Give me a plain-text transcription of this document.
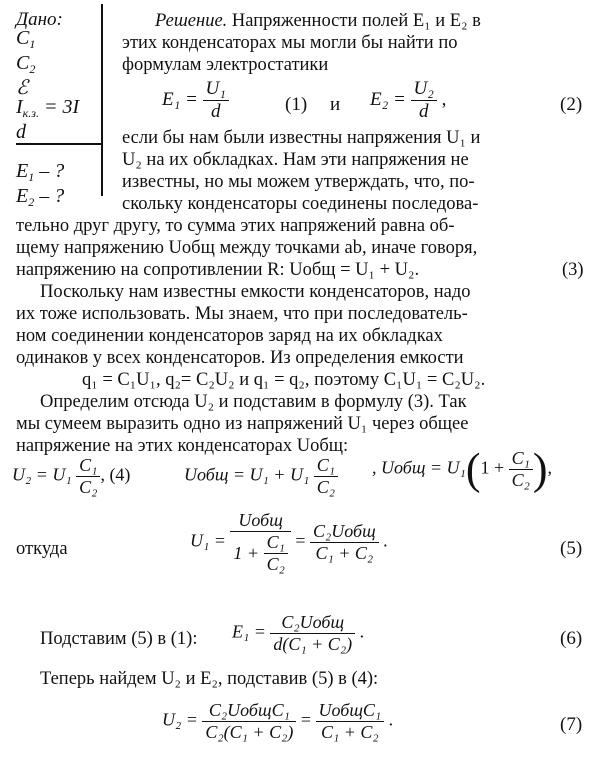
Дано:
$C_1$
$C_2$
ℰ
$I_{к.з.} = 3I$
d
$E_1$ – ?
$E_2$ – ?
Решение. Напряженности полей E₁ и E₂ в
этих конденсаторах мы могли бы найти по
формулам электростатики
$E_1 = \frac{\text{U₁}}{d}$	(1) и $E_2 = \frac{\text{U₂}}{d}$ ,	(2)
если бы нам были известны напряжения U₁ и
U₂ на их обкладках. Нам эти напряжения не
известны, но мы можем утверждать, что, по-
скольку конденсаторы соединены последова-
тельно друг другу, то сумма этих напряжений равна об-
щему напряжению Uобщ между точками ab, иначе говоря,
напряжению на сопротивлении R: Uобщ = U₁ + U₂.	(3)
Поскольку нам известны емкости конденсаторов, надо
их тоже использовать. Мы знаем, что при последователь-
ном соединении конденсаторов заряд на их обкладках
одинаков у всех конденсаторов. Из определения емкости
q₁ = C₁U₁, q₂= C₂U₂ и q₁ = q₂, поэтому C₁U₁ = C₂U₂.
Определим отсюда U₂ и подставим в формулу (3). Так
мы сумеем выразить одно из напряжений U₁ через общее
напряжение на этих конденсаторах Uобщ:
$U_2 = U_1 \frac{\text{C₁}}{\text{C₂}}$ , (4)	Uобщ = $U_1 + U_1 \frac{\text{C₁}}{\text{C₂}}$ , Uобщ = $U_1(1 + \frac{\text{C₁}}{\text{C₂}}$ ),
откуда	$U_1 = \frac{\text{Uобщ}}{1 + \frac{\text{C₁}}{\text{C₂}}} = \frac{\text{C₂Uобщ}}{\text{C₁ + C₂}}$ .	(5)
Подставим (5) в (1): $E_1 = \frac{\text{C₂Uобщ}}{\text{d(C₁ + C₂)}}$ .	(6)
Теперь найдем U₂ и E₂, подставив (5) в (4):
$U_2 = \frac{\text{C₂UобщC₁}}{\text{C₂(C₁ + C₂)}} = \frac{\text{UобщC₁}}{\text{C₁ + C₂}}$ .	(7)
